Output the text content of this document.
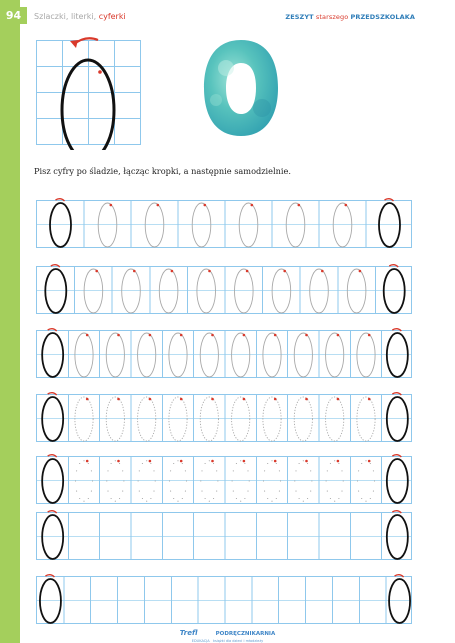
94	Szlaczki, literki, cyferki	ZESZYT starszego PRZEDSZKOLAKA
Pisz cyfry po śladzie, łącząc kropki, a następnie samodzielnie.
Trefl	PODRĘCZNIKARNIA
EDUKACJA książki dla dzieci i młodzieży
